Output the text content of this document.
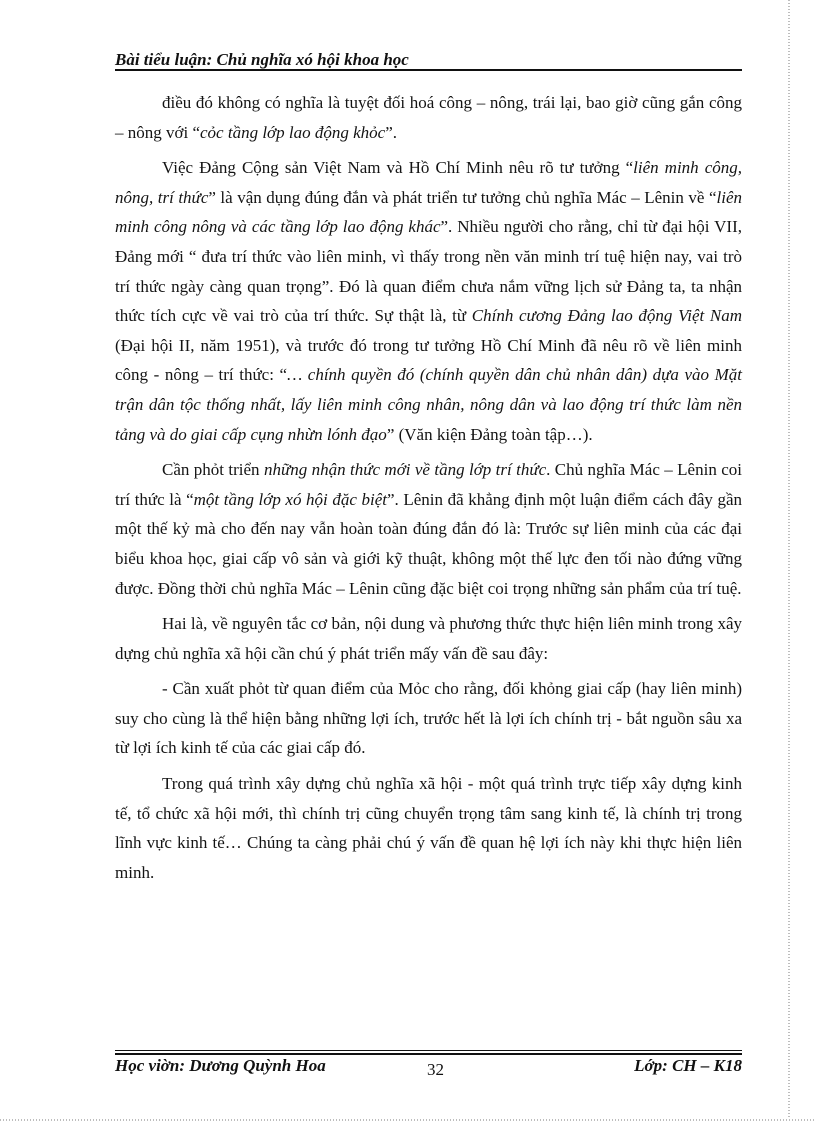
Bài tiểu luận: Chủ nghĩa xó hội khoa học

điều đó không có nghĩa là tuyệt đối hoá công – nông, trái lại, bao giờ cũng gắn công – nông với “cỏc tầng lớp lao động khỏc”.

Việc Đảng Cộng sản Việt Nam và Hồ Chí Minh nêu rõ tư tưởng “liên minh công, nông, trí thức” là vận dụng đúng đắn và phát triển tư tưởng chủ nghĩa Mác – Lênin về “liên minh công nông và các tầng lớp lao động khác”. Nhiều người cho rằng, chỉ từ đại hội VII, Đảng mới “ đưa trí thức vào liên minh, vì thấy trong nền văn minh trí tuệ hiện nay, vai trò trí thức ngày càng quan trọng”. Đó là quan điểm chưa nắm vững lịch sử Đảng ta, ta nhận thức tích cực về vai trò của trí thức. Sự thật là, từ Chính cương Đảng lao động Việt Nam (Đại hội II, năm 1951), và trước đó trong tư tưởng Hồ Chí Minh đã nêu rõ về liên minh công - nông – trí thức: “… chính quyền đó (chính quyền dân chủ nhân dân) dựa vào Mặt trận dân tộc thống nhất, lấy liên minh công nhân, nông dân và lao động trí thức làm nền tảng và do giai cấp cụng nhừn lónh đạo” (Văn kiện Đảng toàn tập…).

Cần phỏt triển những nhận thức mới về tầng lớp trí thức. Chủ nghĩa Mác – Lênin coi trí thức là “một tầng lớp xó hội đặc biệt”. Lênin đã khẳng định một luận điểm cách đây gần một thế kỷ mà cho đến nay vẫn hoàn toàn đúng đắn đó là: Trước sự liên minh của các đại biểu khoa học, giai cấp vô sản và giới kỹ thuật, không một thế lực đen tối nào đứng vững được. Đồng thời chủ nghĩa Mác – Lênin cũng đặc biệt coi trọng những sản phẩm của trí tuệ.

Hai là, về nguyên tắc cơ bản, nội dung và phương thức thực hiện liên minh trong xây dựng chủ nghĩa xã hội cần chú ý phát triển mấy vấn đề sau đây:

- Cần xuất phỏt từ quan điểm của Mỏc cho rằng, đối khỏng giai cấp (hay liên minh) suy cho cùng là thể hiện bằng những lợi ích, trước hết là lợi ích chính trị - bắt nguồn sâu xa từ lợi ích kinh tế của các giai cấp đó.

Trong quá trình xây dựng chủ nghĩa xã hội - một quá trình trực tiếp xây dựng kinh tế, tổ chức xã hội mới, thì chính trị cũng chuyển trọng tâm sang kinh tế, là chính trị trong lĩnh vực kinh tế… Chúng ta càng phải chú ý vấn đề quan hệ lợi ích này khi thực hiện liên minh.

Học viờn: Dương Quỳnh Hoa	32	Lớp: CH – K18
